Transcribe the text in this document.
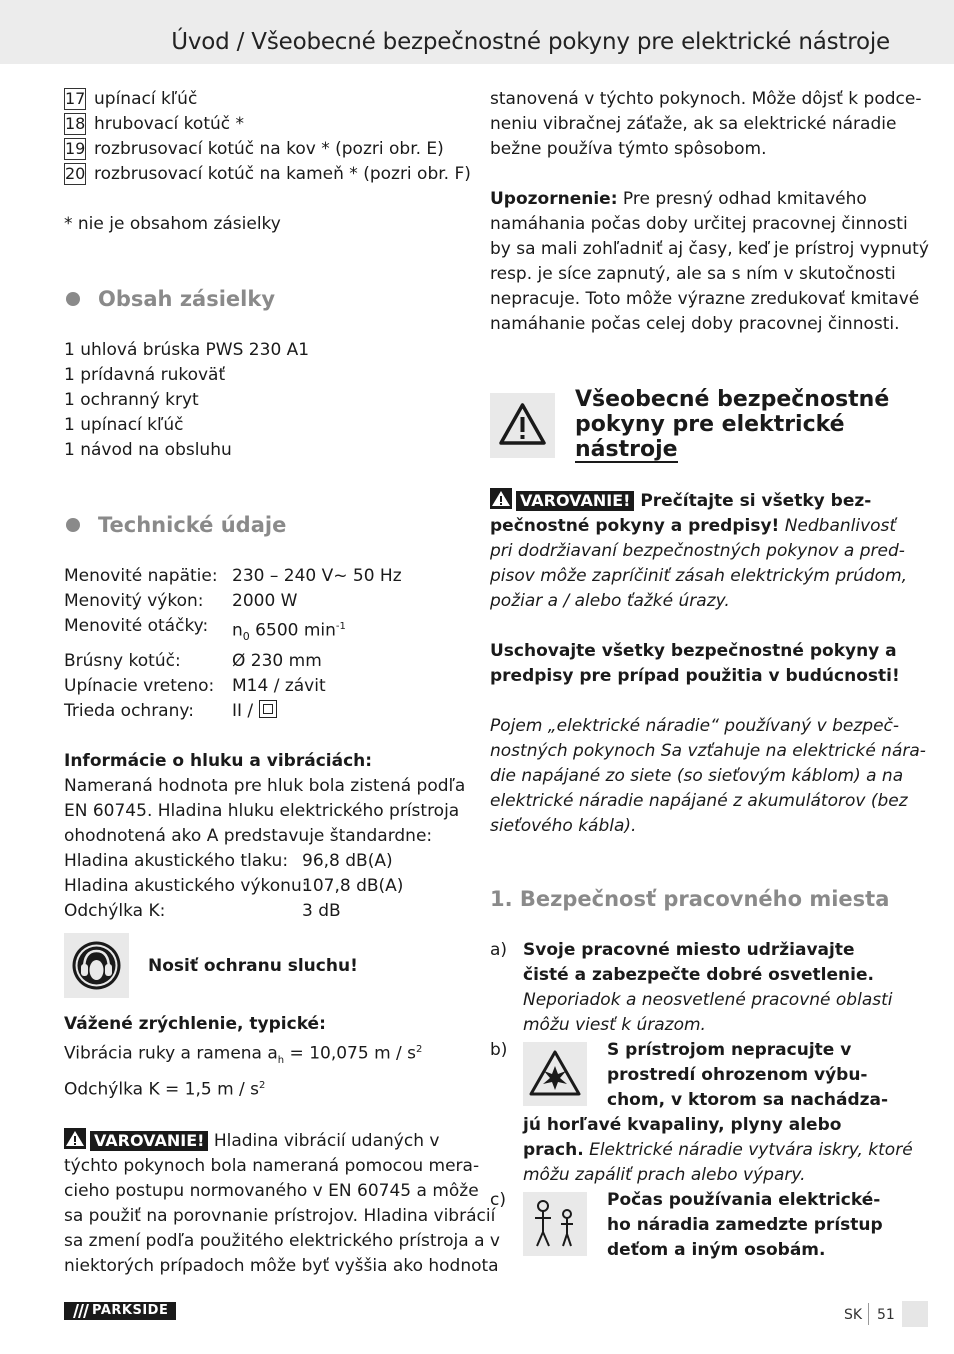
Úvod / Všeobecné bezpečnostné pokyny pre elektrické nástroje
17 upínací kľúč
18 hrubovací kotúč *
19 rozbrusovací kotúč na kov * (pozri obr. E)
20 rozbrusovací kotúč na kameň * (pozri obr. F)

* nie je obsahom zásielky

Obsah zásielky

1 uhlová brúska PWS 230 A1

1 prídavná rukoväť

1 ochranný kryt

1 upínací kľúč

1 návod na obsluhu

Technické údaje
Menovité napätie: 230 – 240 V~ 50 Hz
Menovitý výkon:	2000 W
Menovité otáčky:	$n_0$ 6500 $\min^{-1}$
Brúsny kotúč:	Ø 230 mm
Upínacie vreteno:	M14 / závit
Trieda ochrany:	II /

Informácie o hluku a vibráciách:

Nameraná hodnota pre hluk bola zistená podľa

EN 60745. Hladina hluku elektrického prístroja

ohodnotená ako A predstavuje štandardne:

Hladina akustického tlaku: 96,8 dB(A)
Hladina akustického výkonu:
107,8 dB(A)
Odchýlka K:	3 dB
Nosiť ochranu sluchu!

Vážené zrýchlenie, typické:

Vibrácia ruky a ramena $a_h = 10,075$ m / $s^2$

Odchýlka K = 1,5 m / $s^2$

VAROVANIE! Hladina vibrácií udaných v

týchto pokynoch bola nameraná pomocou mera-

cieho postupu normovaného v EN 60745 a môže

sa použiť na porovnanie prístrojov. Hladina vibrácií

sa zmení podľa použitého elektrického prístroja a v

niektorých prípadoch môže byť vyššia ako hodnota

stanovená v týchto pokynoch. Môže dôjsť k podce-

neniu vibračnej záťaže, ak sa elektrické náradie

bežne používa týmto spôsobom.

Upozornenie: Pre presný odhad kmitavého

namáhania počas doby určitej pracovnej činnosti

by sa mali zohľadniť aj časy, keď je prístroj vypnutý

resp. je síce zapnutý, ale sa s ním v skutočnosti

nepracuje. Toto môže výrazne zredukovať kmitavé

namáhanie počas celej doby pracovnej činnosti.

Všeobecné bezpečnostné
pokyny pre elektrické
nástroje

VAROVANIE! Prečítajte si všetky bez-

pečnostné pokyny a predpisy! Nedbanlivosť

pri dodržiavaní bezpečnostných pokynov a pred-

pisov môže zapríčiniť zásah elektrickým prúdom,

požiar a / alebo ťažké úrazy.

Uschovajte všetky bezpečnostné pokyny a

predpisy pre prípad použitia v budúcnosti!

Pojem „elektrické náradie“ používaný v bezpeč-

nostných pokynoch Sa vzťahuje na elektrické nára-

die napájané zo siete (so sieťovým káblom) a na

elektrické náradie napájané z akumulátorov (bez

sieťového kábla).

1. Bezpečnosť pracovného miesta
a) Svoje pracovné miesto udržiavajte

čisté a zabezpečte dobré osvetlenie.

Neporiadok a neosvetlené pracovné oblasti

môžu viesť k úrazom.

b)	S prístrojom nepracujte v

prostredí ohrozenom výbu-

chom, v ktorom sa nachádza-

jú horľavé kvapaliny, plyny alebo

prach. Elektrické náradie vytvára iskry, ktoré

môžu zapáliť prach alebo výpary.

c)	Počas používania elektrické-

ho náradia zamedzte prístup

deťom a iným osobám.

PARKSIDE	SK 51
